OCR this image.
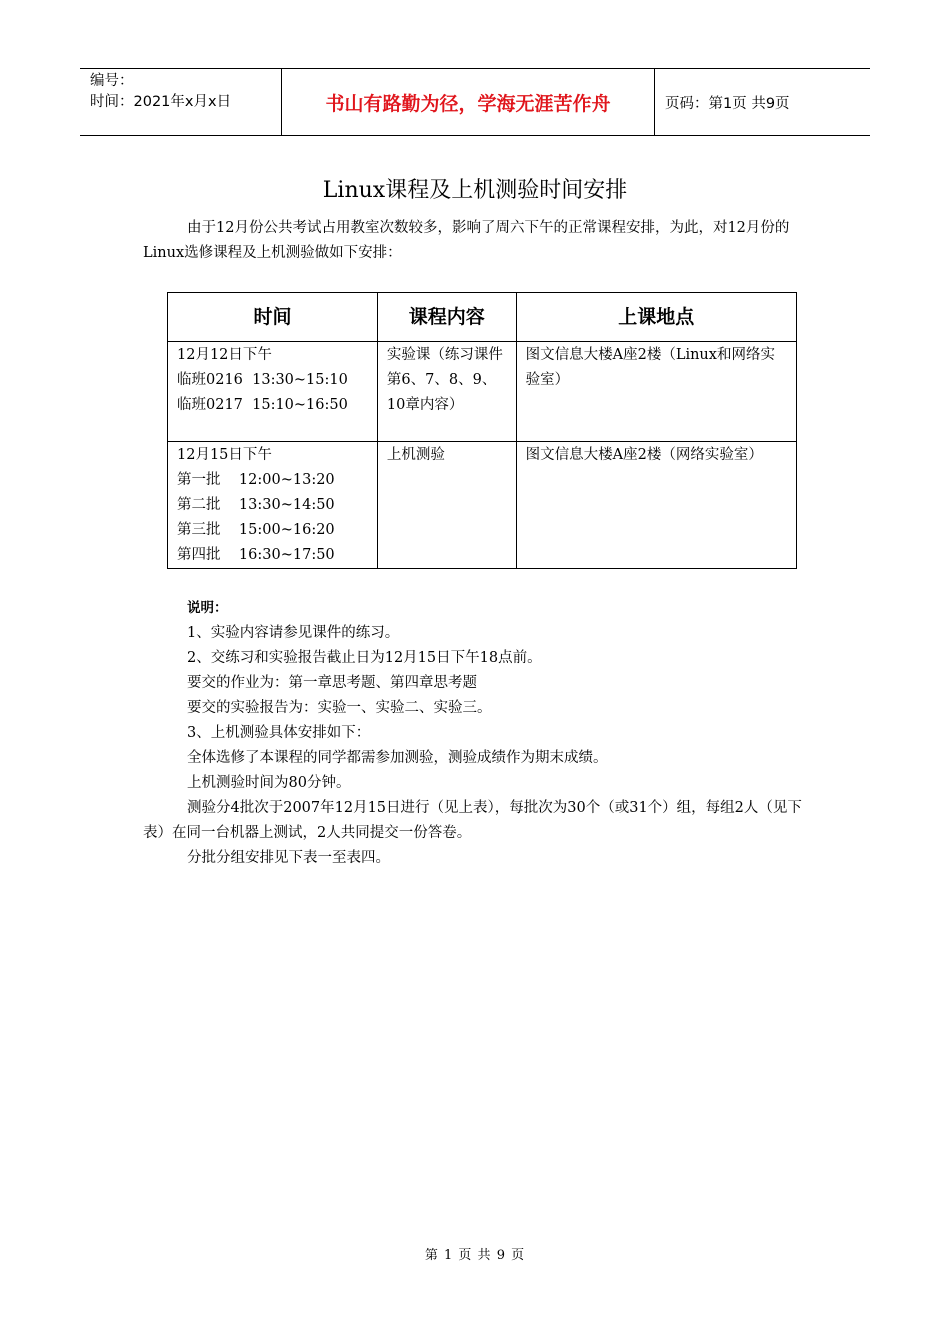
编号：
时间：2021年x月x日	书山有路勤为径，学海无涯苦作舟	页码：第1页 共9页
Linux课程及上机测验时间安排
由于12月份公共考试占用教室次数较多，影响了周六下午的正常课程安排，为此，对12月份的Linux选修课程及上机测验做如下安排：
时间	课程内容	上课地点

12月12日下午
临班0216  13:30~15:10
临班0217  15:10~16:50	实验课（练习课件第6、7、8、9、10章内容）	图文信息大楼A座2楼（Linux和网络实验室）

12月15日下午
第一批    12:00~13:20
第二批    13:30~14:50
第三批    15:00~16:20
第四批    16:30~17:50	上机测验	图文信息大楼A座2楼（网络实验室）
说明：
1、实验内容请参见课件的练习。
2、交练习和实验报告截止日为12月15日下午18点前。
要交的作业为：第一章思考题、第四章思考题
要交的实验报告为：实验一、实验二、实验三。
3、上机测验具体安排如下：
全体选修了本课程的同学都需参加测验，测验成绩作为期末成绩。
上机测验时间为80分钟。
测验分4批次于2007年12月15日进行（见上表），每批次为30个（或31个）组，每组2人（见下表）在同一台机器上测试，2人共同提交一份答卷。
分批分组安排见下表一至表四。
第 1 页 共 9 页
